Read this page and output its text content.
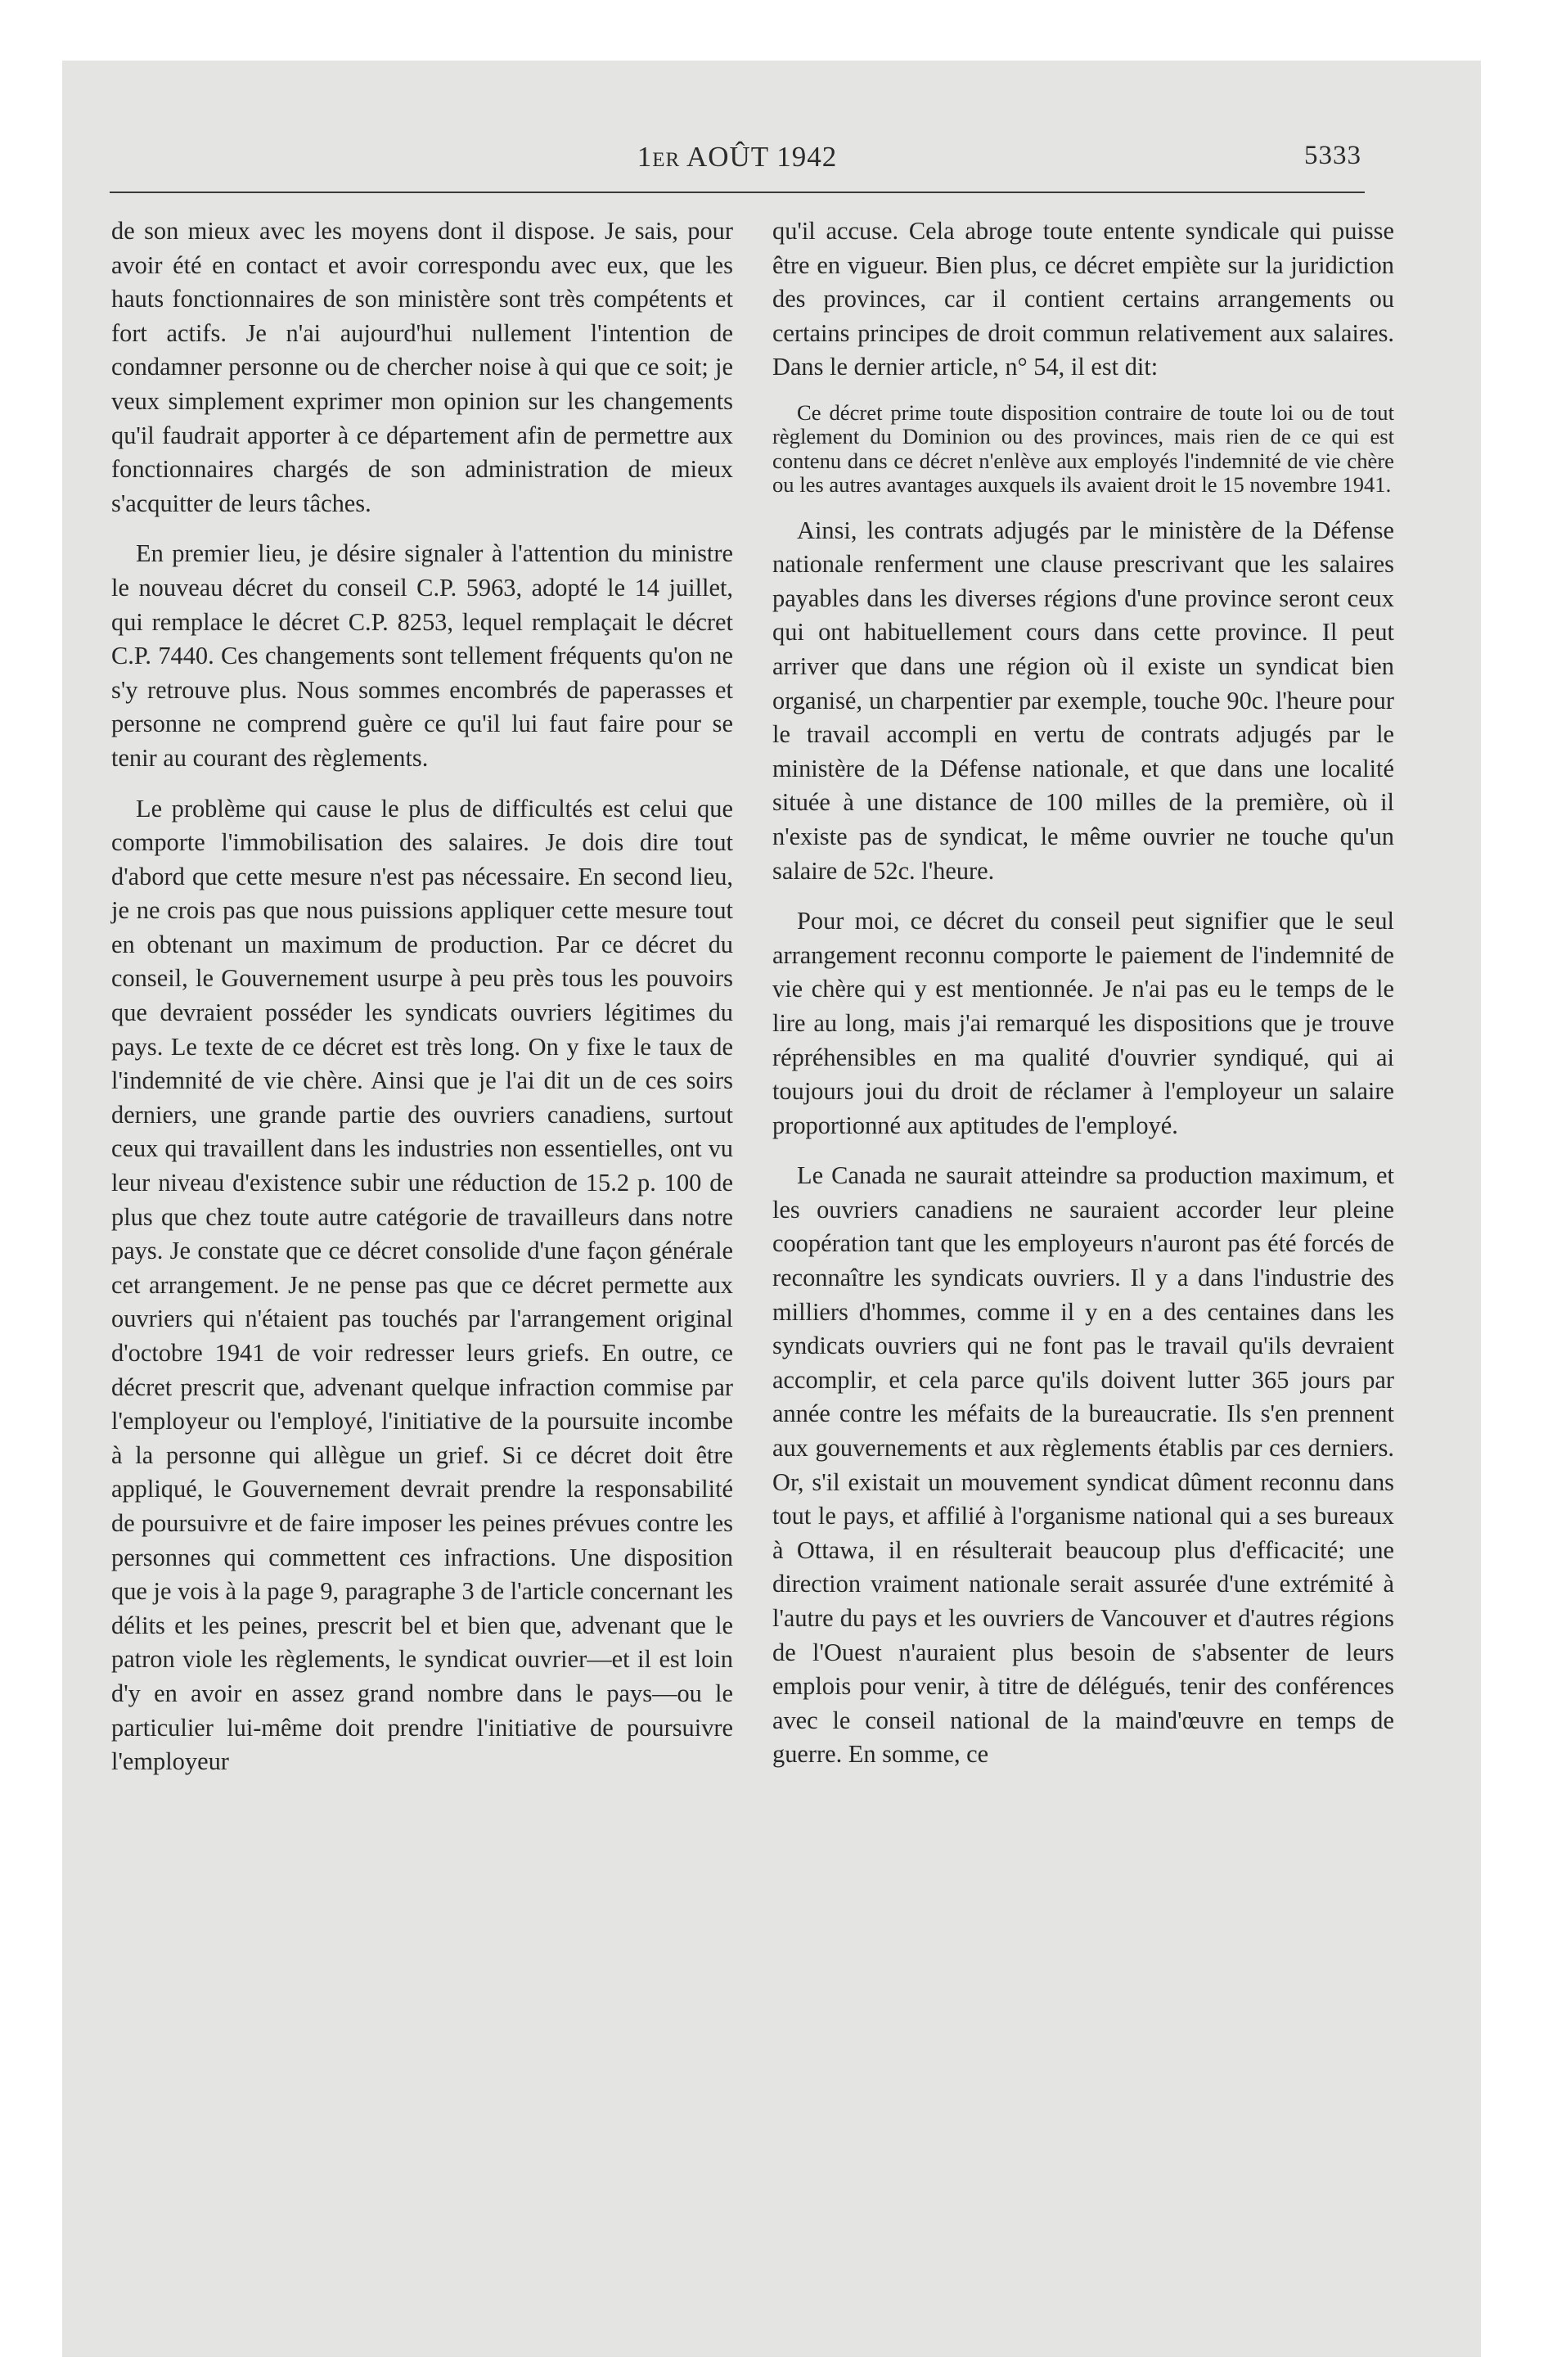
1ER AOÛT 1942	5333

de son mieux avec les moyens dont il dispose. Je sais, pour avoir été en contact et avoir correspondu avec eux, que les hauts fonctionnaires de son ministère sont très compétents et fort actifs. Je n'ai aujourd'hui nullement l'intention de condamner personne ou de chercher noise à qui que ce soit; je veux simplement exprimer mon opinion sur les changements qu'il faudrait apporter à ce département afin de permettre aux fonctionnaires chargés de son administration de mieux s'acquitter de leurs tâches.

En premier lieu, je désire signaler à l'attention du ministre le nouveau décret du conseil C.P. 5963, adopté le 14 juillet, qui remplace le décret C.P. 8253, lequel remplaçait le décret C.P. 7440. Ces changements sont tellement fréquents qu'on ne s'y retrouve plus. Nous sommes encombrés de paperasses et personne ne comprend guère ce qu'il lui faut faire pour se tenir au courant des règlements.

Le problème qui cause le plus de difficultés est celui que comporte l'immobilisation des salaires. Je dois dire tout d'abord que cette mesure n'est pas nécessaire. En second lieu, je ne crois pas que nous puissions appliquer cette mesure tout en obtenant un maximum de production. Par ce décret du conseil, le Gouvernement usurpe à peu près tous les pouvoirs que devraient posséder les syndicats ouvriers légitimes du pays. Le texte de ce décret est très long. On y fixe le taux de l'indemnité de vie chère. Ainsi que je l'ai dit un de ces soirs derniers, une grande partie des ouvriers canadiens, surtout ceux qui travaillent dans les industries non essentielles, ont vu leur niveau d'existence subir une réduction de 15.2 p. 100 de plus que chez toute autre catégorie de travailleurs dans notre pays. Je constate que ce décret consolide d'une façon générale cet arrangement. Je ne pense pas que ce décret permette aux ouvriers qui n'étaient pas touchés par l'arrangement original d'octobre 1941 de voir redresser leurs griefs. En outre, ce décret prescrit que, advenant quelque infraction commise par l'employeur ou l'employé, l'initiative de la poursuite incombe à la personne qui allègue un grief. Si ce décret doit être appliqué, le Gouvernement devrait prendre la responsabilité de poursuivre et de faire imposer les peines prévues contre les personnes qui commettent ces infractions. Une disposition que je vois à la page 9, paragraphe 3 de l'article concernant les délits et les peines, prescrit bel et bien que, advenant que le patron viole les règlements, le syndicat ouvrier—et il est loin d'y en avoir en assez grand nombre dans le pays—ou le particulier lui-même doit prendre l'initiative de poursuivre l'employeur

qu'il accuse. Cela abroge toute entente syndicale qui puisse être en vigueur. Bien plus, ce décret empiète sur la juridiction des provinces, car il contient certains arrangements ou certains principes de droit commun relativement aux salaires. Dans le dernier article, n° 54, il est dit:

Ce décret prime toute disposition contraire de toute loi ou de tout règlement du Dominion ou des provinces, mais rien de ce qui est contenu dans ce décret n'enlève aux employés l'indemnité de vie chère ou les autres avantages auxquels ils avaient droit le 15 novembre 1941.

Ainsi, les contrats adjugés par le ministère de la Défense nationale renferment une clause prescrivant que les salaires payables dans les diverses régions d'une province seront ceux qui ont habituellement cours dans cette province. Il peut arriver que dans une région où il existe un syndicat bien organisé, un charpentier par exemple, touche 90c. l'heure pour le travail accompli en vertu de contrats adjugés par le ministère de la Défense nationale, et que dans une localité située à une distance de 100 milles de la première, où il n'existe pas de syndicat, le même ouvrier ne touche qu'un salaire de 52c. l'heure.

Pour moi, ce décret du conseil peut signifier que le seul arrangement reconnu comporte le paiement de l'indemnité de vie chère qui y est mentionnée. Je n'ai pas eu le temps de le lire au long, mais j'ai remarqué les dispositions que je trouve répréhensibles en ma qualité d'ouvrier syndiqué, qui ai toujours joui du droit de réclamer à l'employeur un salaire proportionné aux aptitudes de l'employé.

Le Canada ne saurait atteindre sa production maximum, et les ouvriers canadiens ne sauraient accorder leur pleine coopération tant que les employeurs n'auront pas été forcés de reconnaître les syndicats ouvriers. Il y a dans l'industrie des milliers d'hommes, comme il y en a des centaines dans les syndicats ouvriers qui ne font pas le travail qu'ils devraient accomplir, et cela parce qu'ils doivent lutter 365 jours par année contre les méfaits de la bureaucratie. Ils s'en prennent aux gouvernements et aux règlements établis par ces derniers. Or, s'il existait un mouvement syndicat dûment reconnu dans tout le pays, et affilié à l'organisme national qui a ses bureaux à Ottawa, il en résulterait beaucoup plus d'efficacité; une direction vraiment nationale serait assurée d'une extrémité à l'autre du pays et les ouvriers de Vancouver et d'autres régions de l'Ouest n'auraient plus besoin de s'absenter de leurs emplois pour venir, à titre de délégués, tenir des conférences avec le conseil national de la maind'œuvre en temps de guerre. En somme, ce
